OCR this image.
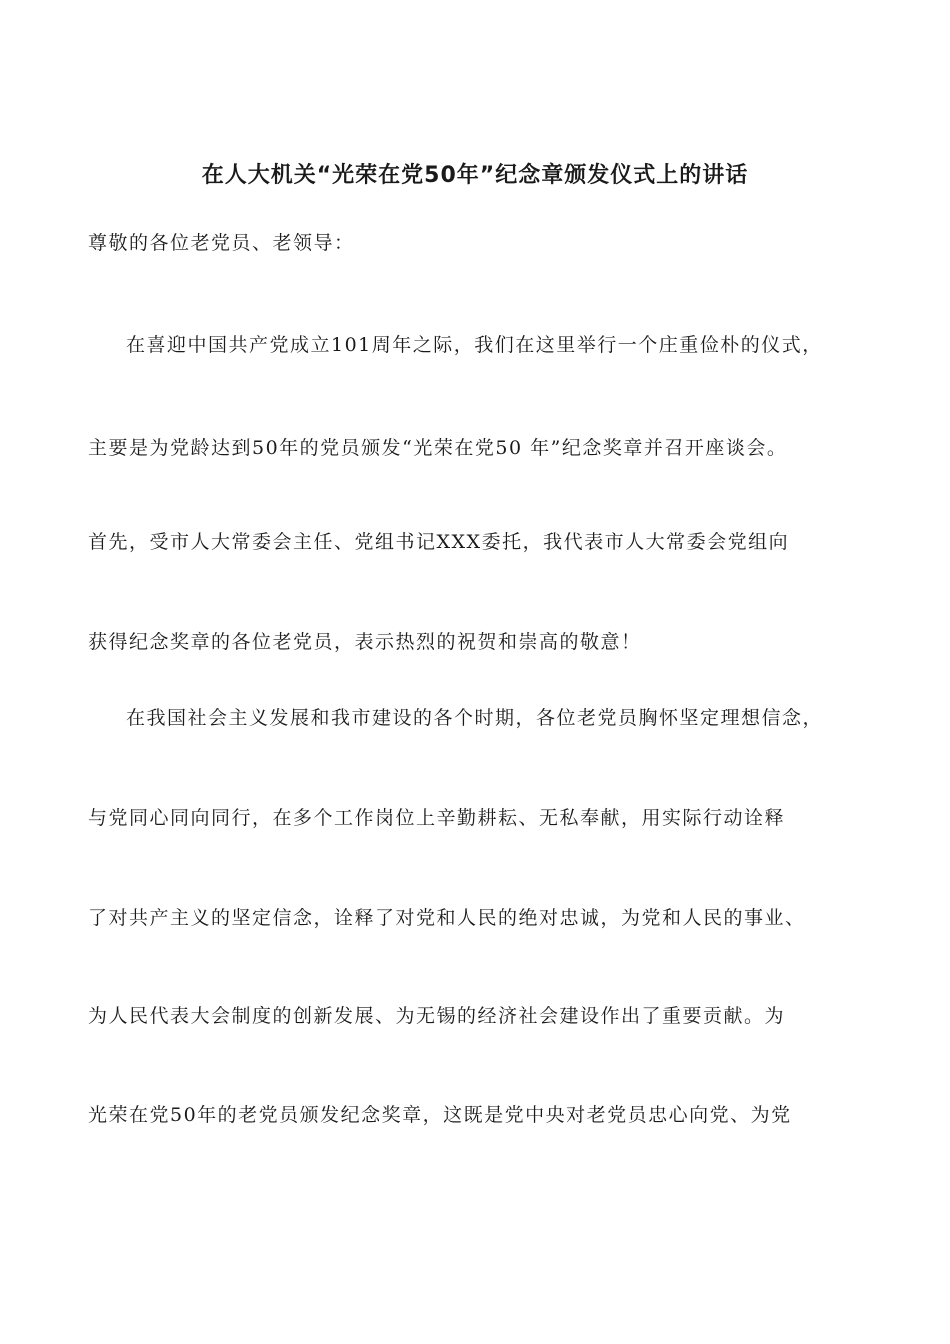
在人大机关“光荣在党50年”纪念章颁发仪式上的讲话
尊敬的各位老党员、老领导：
在喜迎中国共产党成立101周年之际，我们在这里举行一个庄重俭朴的仪式，
主要是为党龄达到50年的党员颁发“光荣在党50 年”纪念奖章并召开座谈会。
首先，受市人大常委会主任、党组书记XXX委托，我代表市人大常委会党组向
获得纪念奖章的各位老党员，表示热烈的祝贺和崇高的敬意！
在我国社会主义发展和我市建设的各个时期，各位老党员胸怀坚定理想信念，
与党同心同向同行，在多个工作岗位上辛勤耕耘、无私奉献，用实际行动诠释
了对共产主义的坚定信念，诠释了对党和人民的绝对忠诚，为党和人民的事业、
为人民代表大会制度的创新发展、为无锡的经济社会建设作出了重要贡献。为
光荣在党50年的老党员颁发纪念奖章，这既是党中央对老党员忠心向党、为党
